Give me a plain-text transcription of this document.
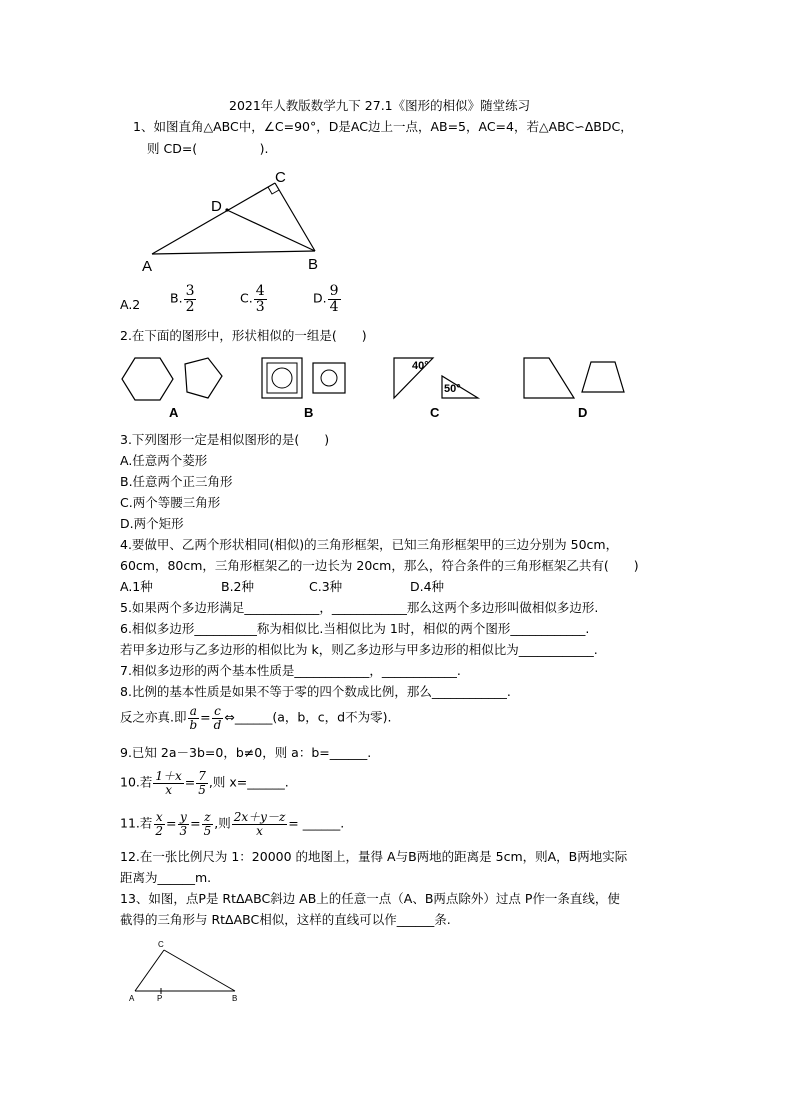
2021年人教版数学九下 27.1《图形的相似》随堂练习
1、如图直角△ABC中，∠C=90°，D是AC边上一点，AB=5，AC=4，若△ABC∽ΔBDC，
则 CD=(　　　　　).
A	B
C
D
A.2 B. $\frac{3}{2}$	C. $\frac{4}{3}$	D. $\frac{9}{4}$
2.在下面的图形中，形状相似的一组是(　　)
40°
50°
A	B	C	D
3.下列图形一定是相似图形的是(　　)
A.任意两个菱形
B.任意两个正三角形
C.两个等腰三角形
D.两个矩形
4.要做甲、乙两个形状相同(相似)的三角形框架，已知三角形框架甲的三边分别为 50cm，
60cm，80cm，三角形框架乙的一边长为 20cm，那么，符合条件的三角形框架乙共有(　　)
A.1种	B.2种	C.3种	D.4种
5.如果两个多边形满足____________，____________那么这两个多边形叫做相似多边形.
6.相似多边形__________称为相似比.当相似比为 1时，相似的两个图形____________.
若甲多边形与乙多边形的相似比为 k，则乙多边形与甲多边形的相似比为____________.
7.相似多边形的两个基本性质是____________，____________.
8.比例的基本性质是如果不等于零的四个数成比例，那么____________.
反之亦真.即 $\frac{a}{b} = \frac{c}{d}$ ⇔______(a，b，c，d不为零).
9.已知 2a－3b=0，b≠0，则 a：b=______.
10.若 $\frac{1+x}{x} = \frac{7}{5}$ ,则 x=______.
11.若 $\frac{x}{2} = \frac{y}{3} = \frac{z}{5}$ ,则 $\frac{2x+y-z}{x}$ = ______.
12.在一张比例尺为 1：20000 的地图上，量得 A与B两地的距离是 5cm，则A，B两地实际
距离为______m.
13、如图，点P是 RtΔABC斜边 AB上的任意一点（A、B两点除外）过点 P作一条直线，使
截得的三角形与 RtΔABC相似，这样的直线可以作______条.
A	B
C
P
